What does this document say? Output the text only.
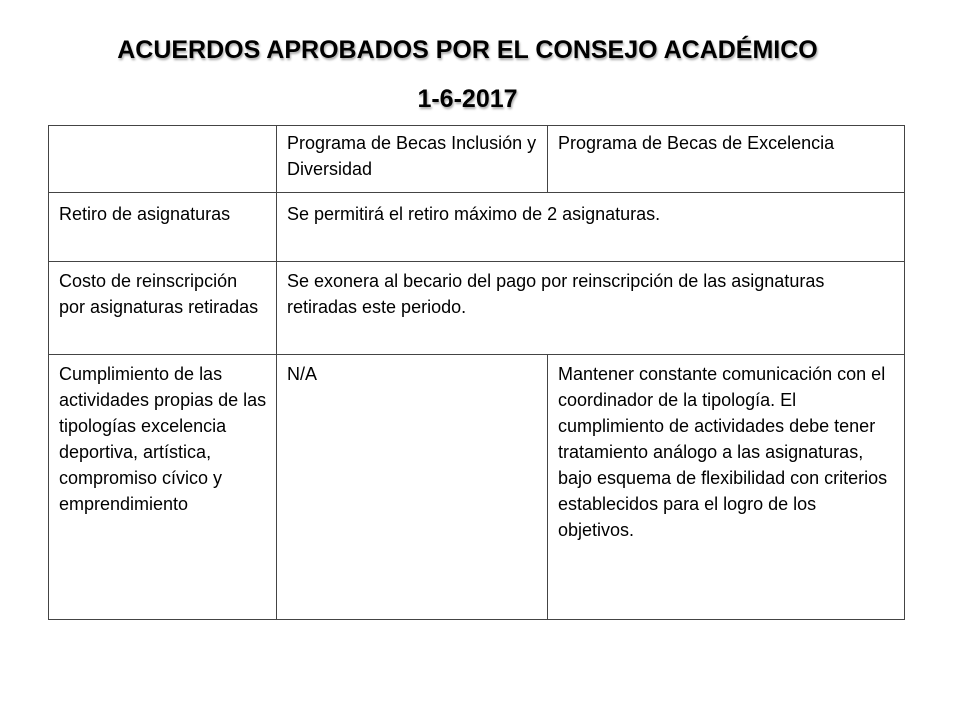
ACUERDOS APROBADOS POR EL CONSEJO ACADÉMICO
1-6-2017
	Programa de Becas Inclusión y Diversidad	Programa de Becas de Excelencia
Retiro de asignaturas	Se permitirá el retiro máximo de 2 asignaturas.	
Costo de reinscripción por asignaturas retiradas	Se exonera al becario del pago por reinscripción de las asignaturas retiradas este periodo.	
Cumplimiento de las actividades propias de las tipologías excelencia deportiva, artística, compromiso cívico y emprendimiento	N/A	Mantener constante comunicación con el coordinador de la tipología. El cumplimiento de actividades debe tener tratamiento análogo a las asignaturas, bajo esquema de flexibilidad con criterios establecidos para el logro de los objetivos.
